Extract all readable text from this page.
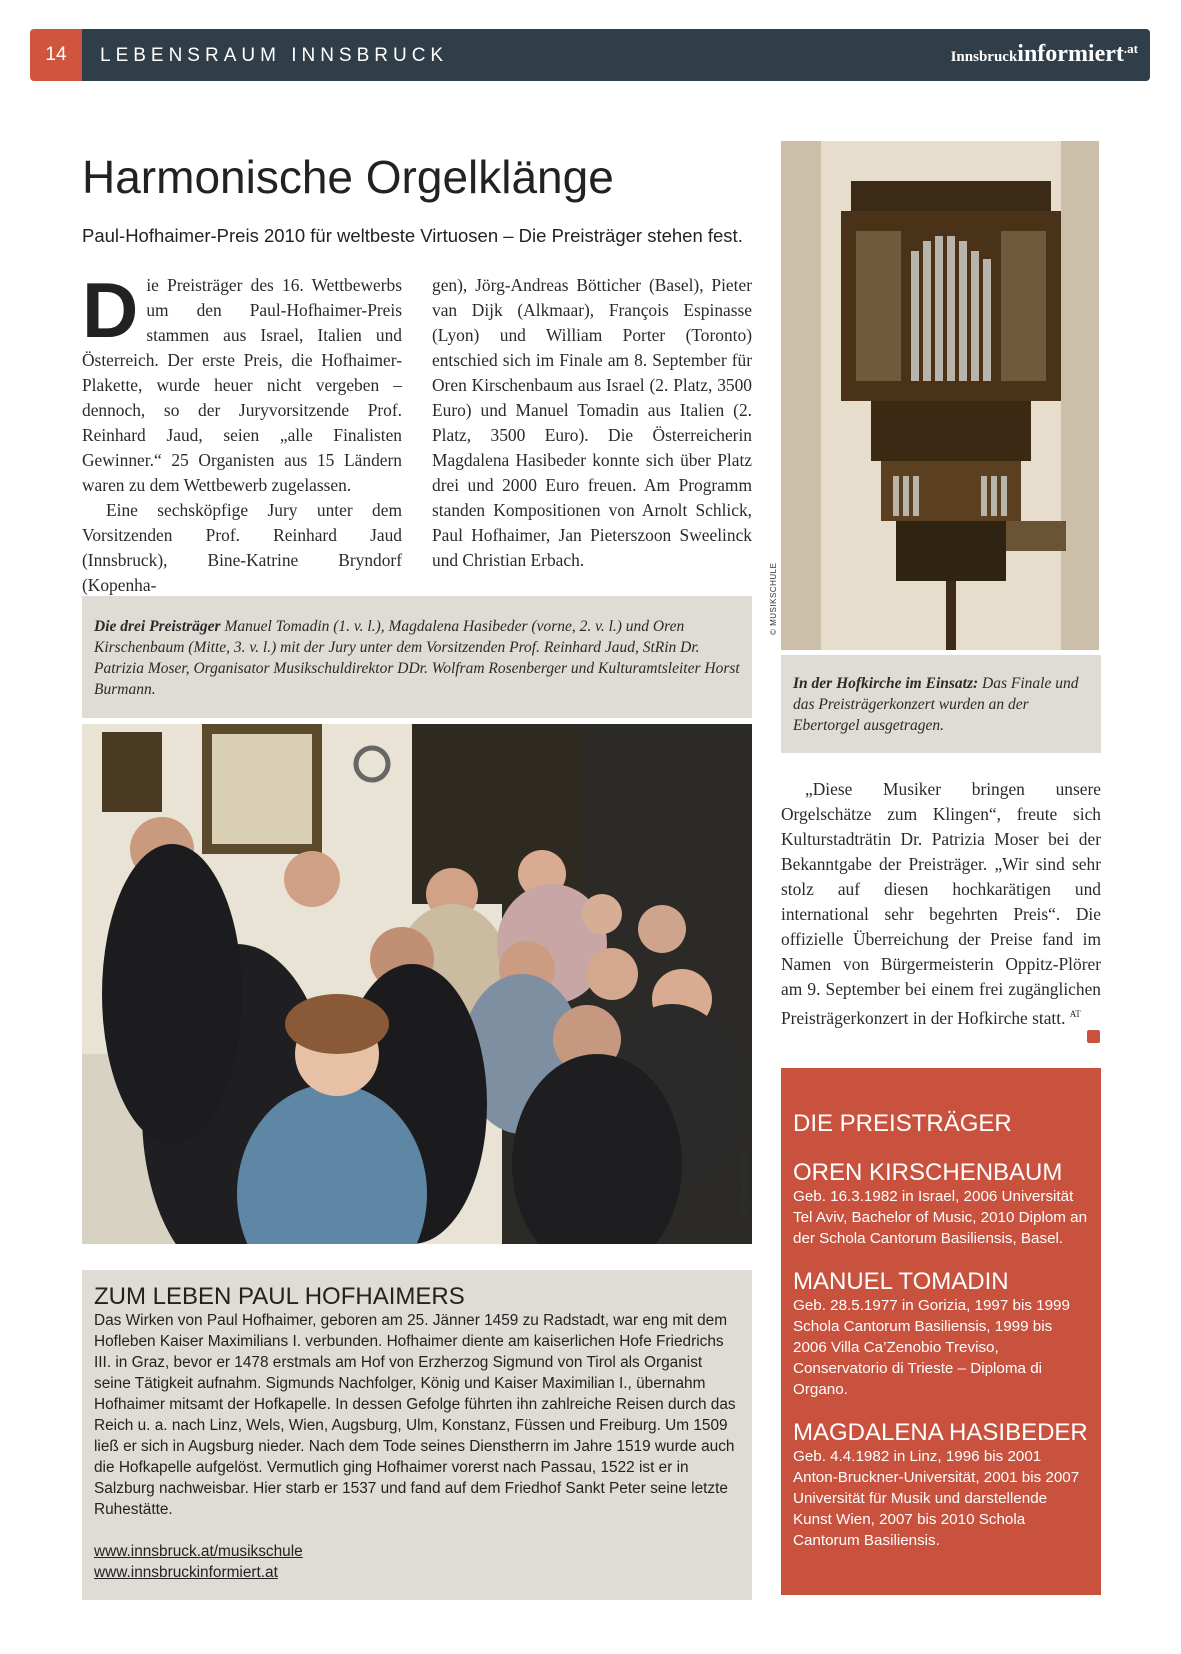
14 LEBENSRAUM INNSBRUCK	Innsbruckinformiert$^{.at}$
Harmonische Orgelklänge
Paul-Hofhaimer-Preis 2010 für weltbeste Virtuosen – Die Preisträger stehen fest.

Die Preisträger des 16. Wettbewerbs um den Paul-Hofhaimer-Preis stammen aus Israel, Italien und Österreich. Der erste Preis, die Hofhaimer-Plakette, wurde heuer nicht vergeben – dennoch, so der Juryvorsitzende Prof. Reinhard Jaud, seien „alle Finalisten Gewinner.“ 25 Organisten aus 15 Ländern waren zu dem Wettbewerb zugelassen.

Eine sechsköpfige Jury unter dem Vorsitzenden Prof. Reinhard Jaud (Innsbruck), Bine-Katrine Bryndorf (Kopenha-

gen), Jörg-Andreas Bötticher (Basel), Pieter van Dijk (Alkmaar), François Espinasse (Lyon) und William Porter (Toronto) entschied sich im Finale am 8. September für Oren Kirschenbaum aus Israel (2. Platz, 3500 Euro) und Manuel Tomadin aus Italien (2. Platz, 3500 Euro). Die Österreicherin Magdalena Hasibeder konnte sich über Platz drei und 2000 Euro freuen. Am Programm standen Kompositionen von Arnolt Schlick, Paul Hofhaimer, Jan Pieterszoon Sweelinck und Christian Erbach.

Die drei Preisträger Manuel Tomadin (1. v. l.), Magdalena Hasibeder (vorne, 2. v. l.) und Oren Kirschenbaum (Mitte, 3. v. l.) mit der Jury unter dem Vorsitzenden Prof. Reinhard Jaud, StRin Dr. Patrizia Moser, Organisator Musikschuldirektor DDr. Wolfram Rosenberger und Kulturamtsleiter Horst Burmann.
© E. HOHENAUER
© MUSIKSCHULE
In der Hofkirche im Einsatz: Das Finale und das Preisträgerkonzert wurden an der Ebertorgel ausgetragen.

„Diese Musiker bringen unsere Orgelschätze zum Klingen“, freute sich Kulturstadträtin Dr. Patrizia Moser bei der Bekanntgabe der Preisträger. „Wir sind sehr stolz auf diesen hochkarätigen und international sehr begehrten Preis“. Die offizielle Überreichung der Preise fand im Namen von Bürgermeisterin Oppitz-Plörer am 9. September bei einem frei zugänglichen Preisträgerkonzert in der Hofkirche statt. $^{AT}$

ZUM LEBEN PAUL HOFHAIMERS

Das Wirken von Paul Hofhaimer, geboren am 25. Jänner 1459 zu Radstadt, war eng mit dem Hofleben Kaiser Maximilians I. verbunden. Hofhaimer diente am kaiserlichen Hofe Friedrichs III. in Graz, bevor er 1478 erstmals am Hof von Erzherzog Sigmund von Tirol als Organist seine Tätigkeit aufnahm. Sigmunds Nachfolger, König und Kaiser Maximilian I., übernahm Hofhaimer mitsamt der Hofkapelle. In dessen Gefolge führten ihn zahlreiche Reisen durch das Reich u. a. nach Linz, Wels, Wien, Augsburg, Ulm, Konstanz, Füssen und Freiburg. Um 1509 ließ er sich in Augsburg nieder. Nach dem Tode seines Dienstherrn im Jahre 1519 wurde auch die Hofkapelle aufgelöst. Vermutlich ging Hofhaimer vorerst nach Passau, 1522 ist er in Salzburg nachweisbar. Hier starb er 1537 und fand auf dem Friedhof Sankt Peter seine letzte Ruhestätte.

www.innsbruck.at/musikschule
www.innsbruckinformiert.at
DIE PREISTRÄGER
OREN KIRSCHENBAUM
Geb. 16.3.1982 in Israel, 2006 Universität Tel Aviv, Bachelor of Music, 2010 Diplom an der Schola Cantorum Basiliensis, Basel.
MANUEL TOMADIN
Geb. 28.5.1977 in Gorizia, 1997 bis 1999 Schola Cantorum Basiliensis, 1999 bis 2006 Villa Ca’Zenobio Treviso, Conservatorio di Trieste – Diploma di Organo.
MAGDALENA HASIBEDER
Geb. 4.4.1982 in Linz, 1996 bis 2001 Anton-Bruckner-Universität, 2001 bis 2007 Universität für Musik und darstellende Kunst Wien, 2007 bis 2010 Schola Cantorum Basiliensis.
